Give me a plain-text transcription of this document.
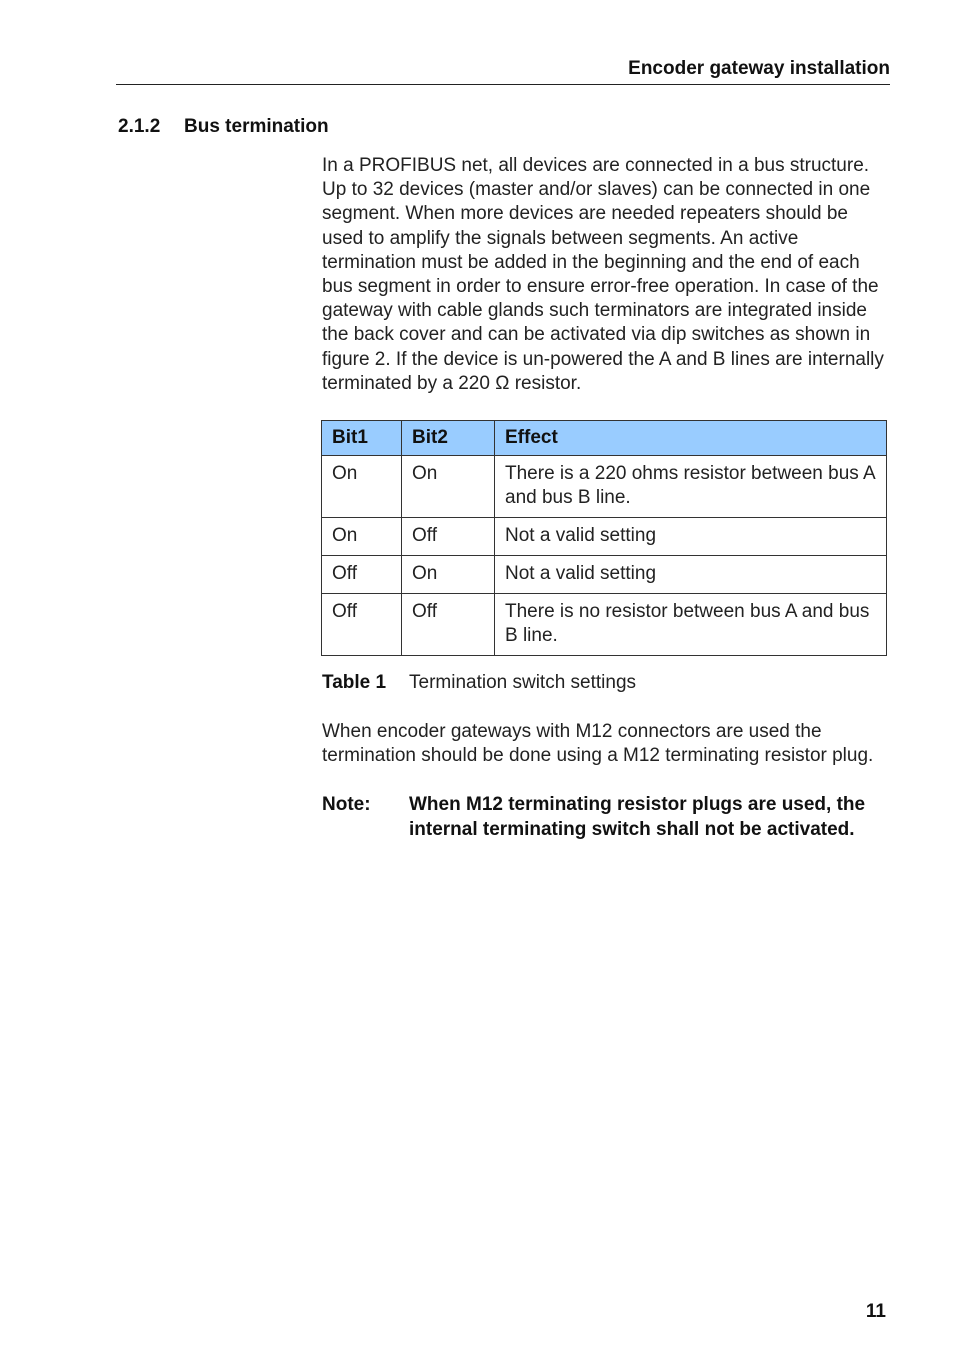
Encoder gateway installation
2.1.2 Bus termination
In a PROFIBUS net, all devices are connected in a bus structure. Up to 32 devices (master and/or slaves) can be connected in one segment. When more devices are needed repeaters should be used to amplify the signals between segments. An active termination must be added in the beginning and the end of each bus segment in order to ensure error-free operation. In case of the gateway with cable glands such terminators are integrated inside the back cover and can be activated via dip switches as shown in figure 2. If the device is un-powered the A and B lines are internally terminated by a 220 Ω resistor.
Bit1	Bit2	Effect
On	On	There is a 220 ohms resistor between bus A and bus B line.
On	Off	Not a valid setting
Off	On	Not a valid setting
Off	Off	There is no resistor between bus A and bus B line.
Table 1 Termination switch settings
When encoder gateways with M12 connectors are used the termination should be done using a M12 terminating resistor plug.
Note: When M12 terminating resistor plugs are used, the internal terminating switch shall not be activated.
11
